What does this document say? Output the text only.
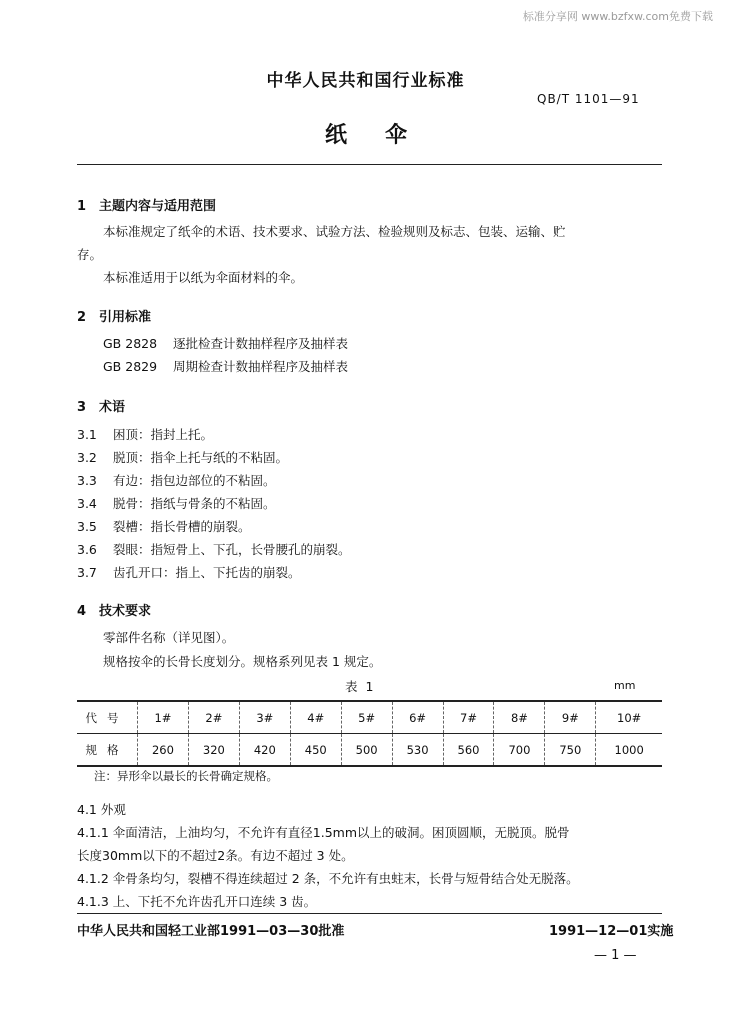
标准分享网 www.bzfxw.com免费下载
中华人民共和国行业标准
QB/T 1101—91
纸伞
1 主题内容与适用范围
本标准规定了纸伞的术语、技术要求、试验方法、检验规则及标志、包装、运输、贮
存。
本标准适用于以纸为伞面材料的伞。
2 引用标准
GB 2828 逐批检查计数抽样程序及抽样表
GB 2829 周期检查计数抽样程序及抽样表
3 术语
3.1 困顶：指封上托。
3.2 脱顶：指伞上托与纸的不粘固。
3.3 有边：指包边部位的不粘固。
3.4 脱骨：指纸与骨条的不粘固。
3.5 裂槽：指长骨槽的崩裂。
3.6 裂眼：指短骨上、下孔，长骨腰孔的崩裂。
3.7 齿孔开口：指上、下托齿的崩裂。
4 技术要求
零部件名称（详见图）。
规格按伞的长骨长度划分。规格系列见表 1 规定。
表 1	mm
代号	1#	2#	3#	4#	5#	6#	7#	8#	9#	10#
规格	260	320	420	450	500	530	560	700	750	1000
注：异形伞以最长的长骨确定规格。
4.1 外观
4.1.1 伞面清洁，上油均匀，不允许有直径1.5mm以上的破洞。困顶圆顺，无脱顶。脱骨
长度30mm以下的不超过2条。有边不超过 3 处。
4.1.2 伞骨条均匀，裂槽不得连续超过 2 条，不允许有虫蛀末，长骨与短骨结合处无脱落。
4.1.3 上、下托不允许齿孔开口连续 3 齿。
中华人民共和国轻工业部1991—03—30批准	1991—12—01实施
— 1 —
